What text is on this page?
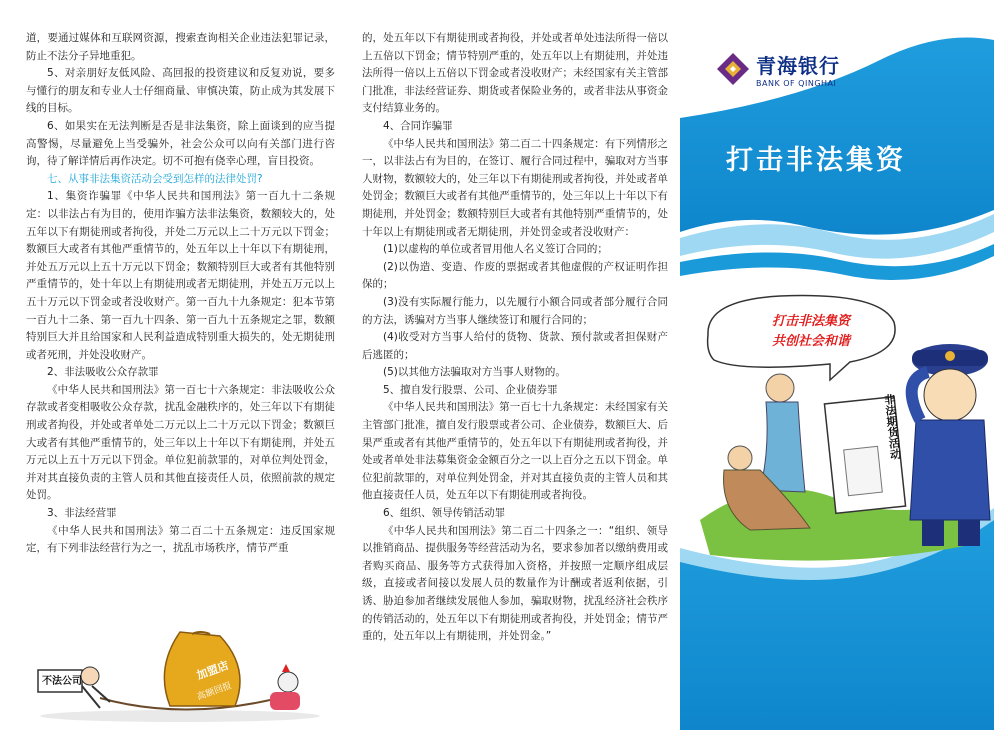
道，要通过媒体和互联网资源，搜索查询相关企业违法犯罪记录，防止不法分子异地重犯。

5、对亲朋好友低风险、高回报的投资建议和反复劝说，要多与懂行的朋友和专业人士仔细商量、审慎决策，防止成为其发展下线的目标。

6、如果实在无法判断是否是非法集资，除上面谈到的应当提高警惕，尽量避免上当受骗外，社会公众可以向有关部门进行咨询，待了解详情后再作决定。切不可抱有侥幸心理，盲目投资。

七、从事非法集资活动会受到怎样的法律处罚?

1、集资诈骗罪《中华人民共和国刑法》第一百九十二条规定：以非法占有为目的，使用诈骗方法非法集资，数额较大的，处五年以下有期徒刑或者拘役，并处二万元以上二十万元以下罚金；数额巨大或者有其他严重情节的，处五年以上十年以下有期徒刑，并处五万元以上五十万元以下罚金；数额特别巨大或者有其他特别严重情节的，处十年以上有期徒刑或者无期徒刑，并处五万元以上五十万元以下罚金或者没收财产。第一百九十九条规定：犯本节第一百九十二条、第一百九十四条、第一百九十五条规定之罪，数额特别巨大并且给国家和人民利益造成特别重大损失的，处无期徒刑或者死刑，并处没收财产。

2、非法吸收公众存款罪

《中华人民共和国刑法》第一百七十六条规定：非法吸收公众存款或者变相吸收公众存款，扰乱金融秩序的，处三年以下有期徒刑或者拘役，并处或者单处二万元以上二十万元以下罚金；数额巨大或者有其他严重情节的，处三年以上十年以下有期徒刑，并处五万元以上五十万元以下罚金。单位犯前款罪的，对单位判处罚金，并对其直接负责的主管人员和其他直接责任人员，依照前款的规定处罚。

3、非法经营罪

《中华人民共和国刑法》第二百二十五条规定：违反国家规定，有下列非法经营行为之一，扰乱市场秩序，情节严重

不法公司	加盟店
高额回报

的，处五年以下有期徒刑或者拘役，并处或者单处违法所得一倍以上五倍以下罚金；情节特别严重的，处五年以上有期徒刑，并处违法所得一倍以上五倍以下罚金或者没收财产；未经国家有关主管部门批准，非法经营证券、期货或者保险业务的，或者非法从事资金支付结算业务的。

4、合同诈骗罪

《中华人民共和国刑法》第二百二十四条规定：有下列情形之一，以非法占有为目的，在签订、履行合同过程中，骗取对方当事人财物，数额较大的，处三年以下有期徒刑或者拘役，并处或者单处罚金；数额巨大或者有其他严重情节的，处三年以上十年以下有期徒刑，并处罚金；数额特别巨大或者有其他特别严重情节的，处十年以上有期徒刑或者无期徒刑，并处罚金或者没收财产：

(1)以虚构的单位或者冒用他人名义签订合同的；

(2)以伪造、变造、作废的票据或者其他虚假的产权证明作担保的；

(3)没有实际履行能力，以先履行小额合同或者部分履行合同的方法，诱骗对方当事人继续签订和履行合同的；

(4)收受对方当事人给付的货物、货款、预付款或者担保财产后逃匿的；

(5)以其他方法骗取对方当事人财物的。

5、擅自发行股票、公司、企业债券罪

《中华人民共和国刑法》第一百七十九条规定：未经国家有关主管部门批准，擅自发行股票或者公司、企业债券，数额巨大、后果严重或者有其他严重情节的，处五年以下有期徒刑或者拘役，并处或者单处非法募集资金金额百分之一以上百分之五以下罚金。单位犯前款罪的，对单位判处罚金，并对其直接负责的主管人员和其他直接责任人员，处五年以下有期徒刑或者拘役。

6、组织、领导传销活动罪

《中华人民共和国刑法》第二百二十四条之一：“组织、领导以推销商品、提供服务等经营活动为名，要求参加者以缴纳费用或者购买商品、服务等方式获得加入资格，并按照一定顺序组成层级，直接或者间接以发展人员的数量作为计酬或者返利依据，引诱、胁迫参加者继续发展他人参加，骗取财物，扰乱经济社会秩序的传销活动的，处五年以下有期徒刑或者拘役，并处罚金；情节严重的，处五年以上有期徒刑，并处罚金。”

青海银行
BANK OF QINGHAI
打击非法集资
打击非法集资
共创社会和谐
非法期货活动
